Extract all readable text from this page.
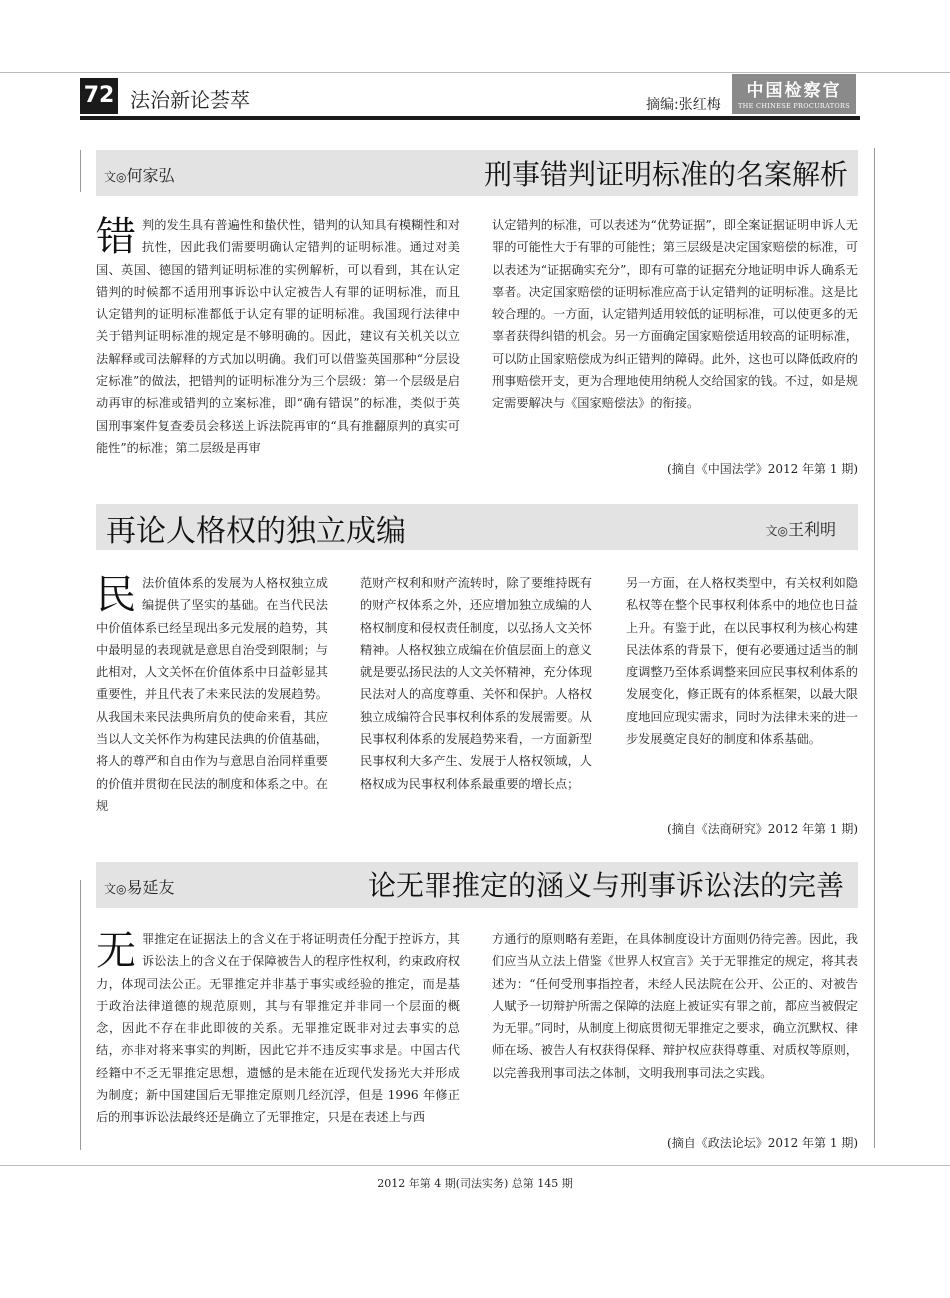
72 法治新论荟萃	摘编:张红梅
中国检察官
THE CHINESE PROCURATORS
文◎何家弘	刑事错判证明标准的名案解析
错 判的发生具有普遍性和蛰伏性，错判的认知具有模糊性和对抗性，因此我们需要明确认定错判的证明标准。通过对美国、英国、德国的错判证明标准的实例解析，可以看到，其在认定错判的时候都不适用刑事诉讼中认定被告人有罪的证明标准，而且认定错判的证明标准都低于认定有罪的证明标准。我国现行法律中关于错判证明标准的规定是不够明确的。因此，建议有关机关以立法解释或司法解释的方式加以明确。我们可以借鉴英国那种“分层设定标准”的做法，把错判的证明标准分为三个层级：第一个层级是启动再审的标准或错判的立案标准，即“确有错误”的标准，类似于英国刑事案件复查委员会移送上诉法院再审的“具有推翻原判的真实可能性”的标准；第二层级是再审
认定错判的标准，可以表述为“优势证据”，即全案证据证明申诉人无罪的可能性大于有罪的可能性；第三层级是决定国家赔偿的标准，可以表述为“证据确实充分”，即有可靠的证据充分地证明申诉人确系无辜者。决定国家赔偿的证明标准应高于认定错判的证明标准。这是比较合理的。一方面，认定错判适用较低的证明标准，可以使更多的无辜者获得纠错的机会。另一方面确定国家赔偿适用较高的证明标准，可以防止国家赔偿成为纠正错判的障碍。此外，这也可以降低政府的刑事赔偿开支，更为合理地使用纳税人交给国家的钱。不过，如是规定需要解决与《国家赔偿法》的衔接。
(摘自《中国法学》2012 年第 1 期)
再论人格权的独立成编	文◎王利明
民 法价值体系的发展为人格权独立成编提供了坚实的基础。在当代民法中价值体系已经呈现出多元发展的趋势，其中最明显的表现就是意思自治受到限制；与此相对，人文关怀在价值体系中日益彰显其重要性，并且代表了未来民法的发展趋势。从我国未来民法典所肩负的使命来看，其应当以人文关怀作为构建民法典的价值基础，将人的尊严和自由作为与意思自治同样重要的价值并贯彻在民法的制度和体系之中。在规
范财产权利和财产流转时，除了要维持既有的财产权体系之外，还应增加独立成编的人格权制度和侵权责任制度，以弘扬人文关怀精神。人格权独立成编在价值层面上的意义就是要弘扬民法的人文关怀精神，充分体现民法对人的高度尊重、关怀和保护。人格权独立成编符合民事权利体系的发展需要。从民事权利体系的发展趋势来看，一方面新型民事权利大多产生、发展于人格权领域，人格权成为民事权利体系最重要的增长点；
另一方面，在人格权类型中，有关权利如隐私权等在整个民事权利体系中的地位也日益上升。有鉴于此，在以民事权利为核心构建民法体系的背景下，便有必要通过适当的制度调整乃至体系调整来回应民事权利体系的发展变化，修正既有的体系框架，以最大限度地回应现实需求，同时为法律未来的进一步发展奠定良好的制度和体系基础。
(摘自《法商研究》2012 年第 1 期)
文◎易延友	论无罪推定的涵义与刑事诉讼法的完善
无 罪推定在证据法上的含义在于将证明责任分配于控诉方，其诉讼法上的含义在于保障被告人的程序性权利，约束政府权力，体现司法公正。无罪推定并非基于事实或经验的推定，而是基于政治法律道德的规范原则，其与有罪推定并非同一个层面的概念，因此不存在非此即彼的关系。无罪推定既非对过去事实的总结，亦非对将来事实的判断，因此它并不违反实事求是。中国古代经籍中不乏无罪推定思想，遗憾的是未能在近现代发扬光大并形成为制度；新中国建国后无罪推定原则几经沉浮，但是 1996 年修正后的刑事诉讼法最终还是确立了无罪推定，只是在表述上与西
方通行的原则略有差距，在具体制度设计方面则仍待完善。因此，我们应当从立法上借鉴《世界人权宣言》关于无罪推定的规定，将其表述为：“任何受刑事指控者，未经人民法院在公开、公正的、对被告人赋予一切辩护所需之保障的法庭上被证实有罪之前，都应当被假定为无罪。”同时，从制度上彻底贯彻无罪推定之要求，确立沉默权、律师在场、被告人有权获得保释、辩护权应获得尊重、对质权等原则，以完善我刑事司法之体制，文明我刑事司法之实践。
(摘自《政法论坛》2012 年第 1 期)
2012 年第 4 期(司法实务) 总第 145 期
